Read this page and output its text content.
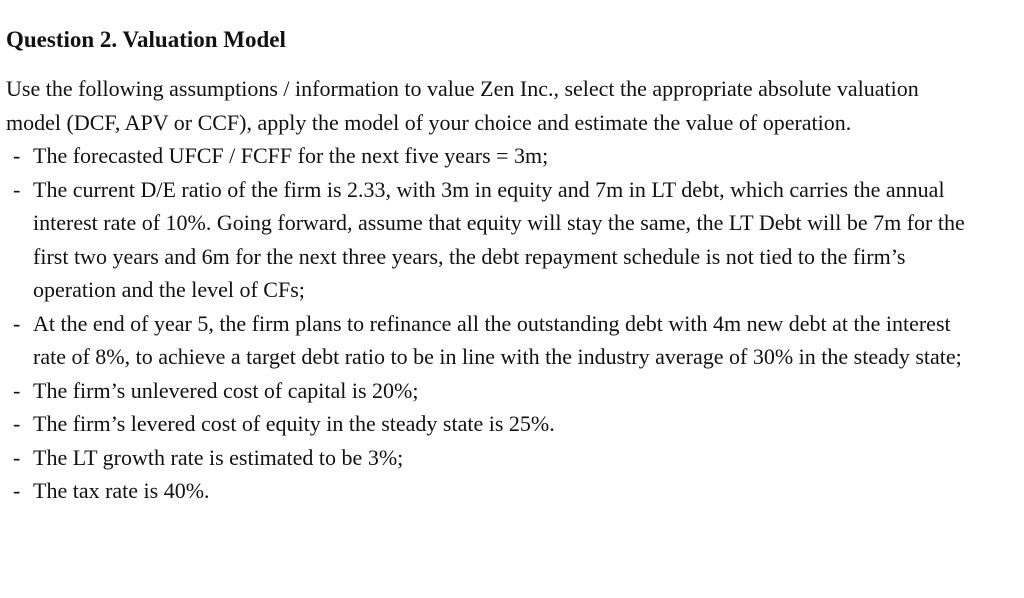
Question 2. Valuation Model
Use the following assumptions / information to value Zen Inc., select the appropriate absolute valuation model (DCF, APV or CCF), apply the model of your choice and estimate the value of operation.
- The forecasted UFCF / FCFF for the next five years = 3m;
- The current D/E ratio of the firm is 2.33, with 3m in equity and 7m in LT debt, which carries the annual interest rate of 10%. Going forward, assume that equity will stay the same, the LT Debt will be 7m for the first two years and 6m for the next three years, the debt repayment schedule is not tied to the firm’s operation and the level of CFs;
- At the end of year 5, the firm plans to refinance all the outstanding debt with 4m new debt at the interest rate of 8%, to achieve a target debt ratio to be in line with the industry average of 30% in the steady state;
- The firm’s unlevered cost of capital is 20%;
- The firm’s levered cost of equity in the steady state is 25%.
- The LT growth rate is estimated to be 3%;
- The tax rate is 40%.
